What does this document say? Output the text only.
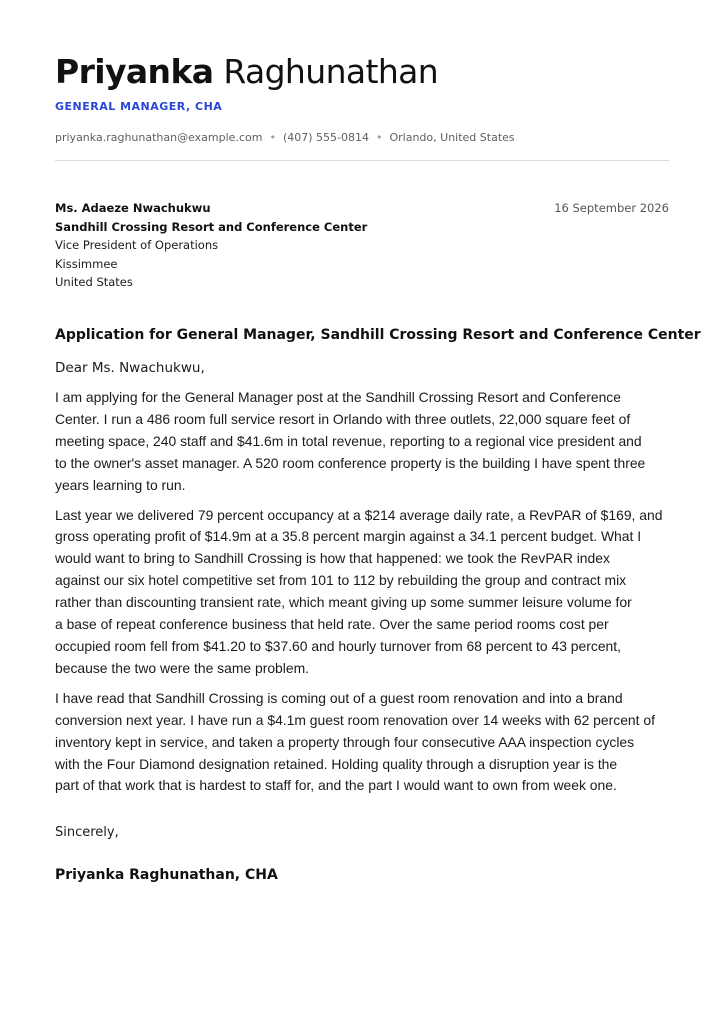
Priyanka Raghunathan
GENERAL MANAGER, CHA
priyanka.raghunathan@example.com • (407) 555-0814 • Orlando, United States
Ms. Adaeze Nwachukwu
Sandhill Crossing Resort and Conference Center
Vice President of Operations
Kissimmee
United States
16 September 2026
Application for General Manager, Sandhill Crossing Resort and Conference Center
Dear Ms. Nwachukwu,
I am applying for the General Manager post at the Sandhill Crossing Resort and Conference
Center. I run a 486 room full service resort in Orlando with three outlets, 22,000 square feet of
meeting space, 240 staff and $41.6m in total revenue, reporting to a regional vice president and
to the owner's asset manager. A 520 room conference property is the building I have spent three
years learning to run.
Last year we delivered 79 percent occupancy at a $214 average daily rate, a RevPAR of $169, and
gross operating profit of $14.9m at a 35.8 percent margin against a 34.1 percent budget. What I
would want to bring to Sandhill Crossing is how that happened: we took the RevPAR index
against our six hotel competitive set from 101 to 112 by rebuilding the group and contract mix
rather than discounting transient rate, which meant giving up some summer leisure volume for
a base of repeat conference business that held rate. Over the same period rooms cost per
occupied room fell from $41.20 to $37.60 and hourly turnover from 68 percent to 43 percent,
because the two were the same problem.
I have read that Sandhill Crossing is coming out of a guest room renovation and into a brand
conversion next year. I have run a $4.1m guest room renovation over 14 weeks with 62 percent of
inventory kept in service, and taken a property through four consecutive AAA inspection cycles
with the Four Diamond designation retained. Holding quality through a disruption year is the
part of that work that is hardest to staff for, and the part I would want to own from week one.
Sincerely,
Priyanka Raghunathan, CHA
